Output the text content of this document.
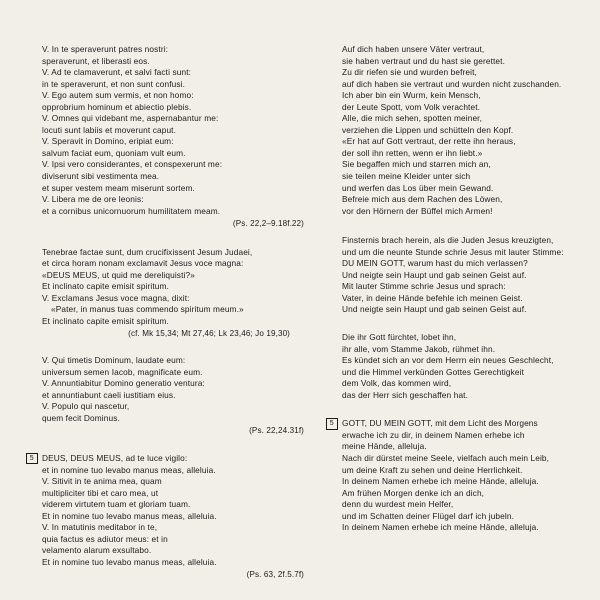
V. In te speraverunt patres nostri:
speraverunt, et liberasti eos.
V. Ad te clamaverunt, et salvi facti sunt:
in te speraverunt, et non sunt confusi.
V. Ego autem sum vermis, et non homo:
opprobrium hominum et abiectio plebis.
V. Omnes qui videbant me, aspernabantur me:
locuti sunt labiis et moverunt caput.
V. Speravit in Domino, eripiat eum:
salvum faciat eum, quoniam vult eum.
V. Ipsi vero considerantes, et conspexerunt me:
diviserunt sibi vestimenta mea.
et super vestem meam miserunt sortem.
V. Libera me de ore leonis:
et a cornibus unicornuorum humilitatem meam.
(Ps. 22,2–9.18f.22)
Tenebrae factae sunt, dum crucifixissent Jesum Judaei,
et circa horam nonam exclamavit Jesus voce magna:
«DEUS MEUS, ut quid me dereliquisti?»
Et inclinato capite emisit spiritum.
V. Exclamans Jesus voce magna, dixit:
«Pater, in manus tuas commendo spiritum meum.»
Et inclinato capite emisit spiritum.
(cf. Mk 15,34; Mt 27,46; Lk 23,46; Jo 19,30)
V. Qui timetis Dominum, laudate eum:
universum semen Iacob, magnificate eum.
V. Annuntiabitur Domino generatio ventura:
et annuntiabunt caeli iustitiam eius.
V. Populo qui nascetur,
quem fecit Dominus.
(Ps. 22,24.31f)
5 DEUS, DEUS MEUS, ad te luce vigilo:
et in nomine tuo levabo manus meas, alleluia.
V. Sitivit in te anima mea, quam
multipliciter tibi et caro mea, ut
viderem virtutem tuam et gloriam tuam.
Et in nomine tuo levabo manus meas, alleluia.
V. In matutinis meditabor in te,
quia factus es adiutor meus: et in
velamento alarum exsultabo.
Et in nomine tuo levabo manus meas, alleluia.
(Ps. 63, 2f.5.7f)
Auf dich haben unsere Väter vertraut,
sie haben vertraut und du hast sie gerettet.
Zu dir riefen sie und wurden befreit,
auf dich haben sie vertraut und wurden nicht zuschanden.
Ich aber bin ein Wurm, kein Mensch,
der Leute Spott, vom Volk verachtet.
Alle, die mich sehen, spotten meiner,
verziehen die Lippen und schütteln den Kopf.
«Er hat auf Gott vertraut, der rette ihn heraus,
der soll ihn retten, wenn er ihn liebt.»
Sie begaffen mich und starren mich an,
sie teilen meine Kleider unter sich
und werfen das Los über mein Gewand.
Befreie mich aus dem Rachen des Löwen,
vor den Hörnern der Büffel mich Armen!
Finsternis brach herein, als die Juden Jesus kreuzigten,
und um die neunte Stunde schrie Jesus mit lauter Stimme:
DU MEIN GOTT, warum hast du mich verlassen?
Und neigte sein Haupt und gab seinen Geist auf.
Mit lauter Stimme schrie Jesus und sprach:
Vater, in deine Hände befehle ich meinen Geist.
Und neigte sein Haupt und gab seinen Geist auf.
Die ihr Gott fürchtet, lobet ihn,
ihr alle, vom Stamme Jakob, rühmet ihn.
Es kündet sich an vor dem Herrn ein neues Geschlecht,
und die Himmel verkünden Gottes Gerechtigkeit
dem Volk, das kommen wird,
das der Herr sich geschaffen hat.
5 GOTT, DU MEIN GOTT, mit dem Licht des Morgens
erwache ich zu dir, in deinem Namen erhebe ich
meine Hände, alleluja.
Nach dir dürstet meine Seele, vielfach auch mein Leib,
um deine Kraft zu sehen und deine Herrlichkeit.
In deinem Namen erhebe ich meine Hände, alleluja.
Am frühen Morgen denke ich an dich,
denn du wurdest mein Helfer,
und im Schatten deiner Flügel darf ich jubeln.
In deinem Namen erhebe ich meine Hände, alleluja.
